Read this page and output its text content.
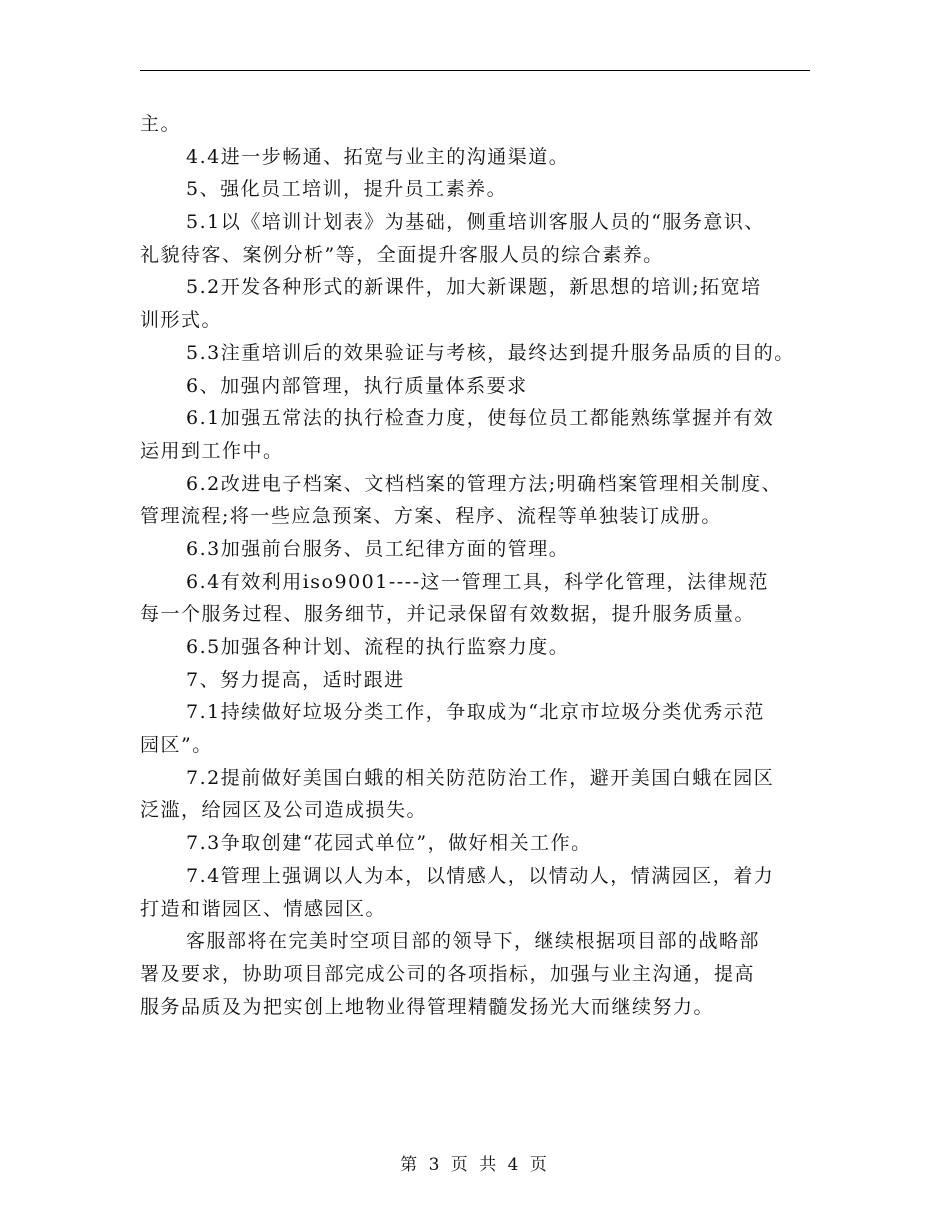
主。
4.4进一步畅通、拓宽与业主的沟通渠道。
5、强化员工培训，提升员工素养。
5.1以《培训计划表》为基础，侧重培训客服人员的“服务意识、
礼貌待客、案例分析”等，全面提升客服人员的综合素养。
5.2开发各种形式的新课件，加大新课题，新思想的培训;拓宽培
训形式。
5.3注重培训后的效果验证与考核，最终达到提升服务品质的目的。
6、加强内部管理，执行质量体系要求
6.1加强五常法的执行检查力度，使每位员工都能熟练掌握并有效
运用到工作中。
6.2改进电子档案、文档档案的管理方法;明确档案管理相关制度、
管理流程;将一些应急预案、方案、程序、流程等单独装订成册。
6.3加强前台服务、员工纪律方面的管理。
6.4有效利用iso9001----这一管理工具，科学化管理，法律规范
每一个服务过程、服务细节，并记录保留有效数据，提升服务质量。
6.5加强各种计划、流程的执行监察力度。
7、努力提高，适时跟进
7.1持续做好垃圾分类工作，争取成为“北京市垃圾分类优秀示范
园区”。
7.2提前做好美国白蛾的相关防范防治工作，避开美国白蛾在园区
泛滥，给园区及公司造成损失。
7.3争取创建“花园式单位”，做好相关工作。
7.4管理上强调以人为本，以情感人，以情动人，情满园区，着力
打造和谐园区、情感园区。
客服部将在完美时空项目部的领导下，继续根据项目部的战略部
署及要求，协助项目部完成公司的各项指标，加强与业主沟通，提高
服务品质及为把实创上地物业得管理精髓发扬光大而继续努力。
第 3 页 共 4 页
